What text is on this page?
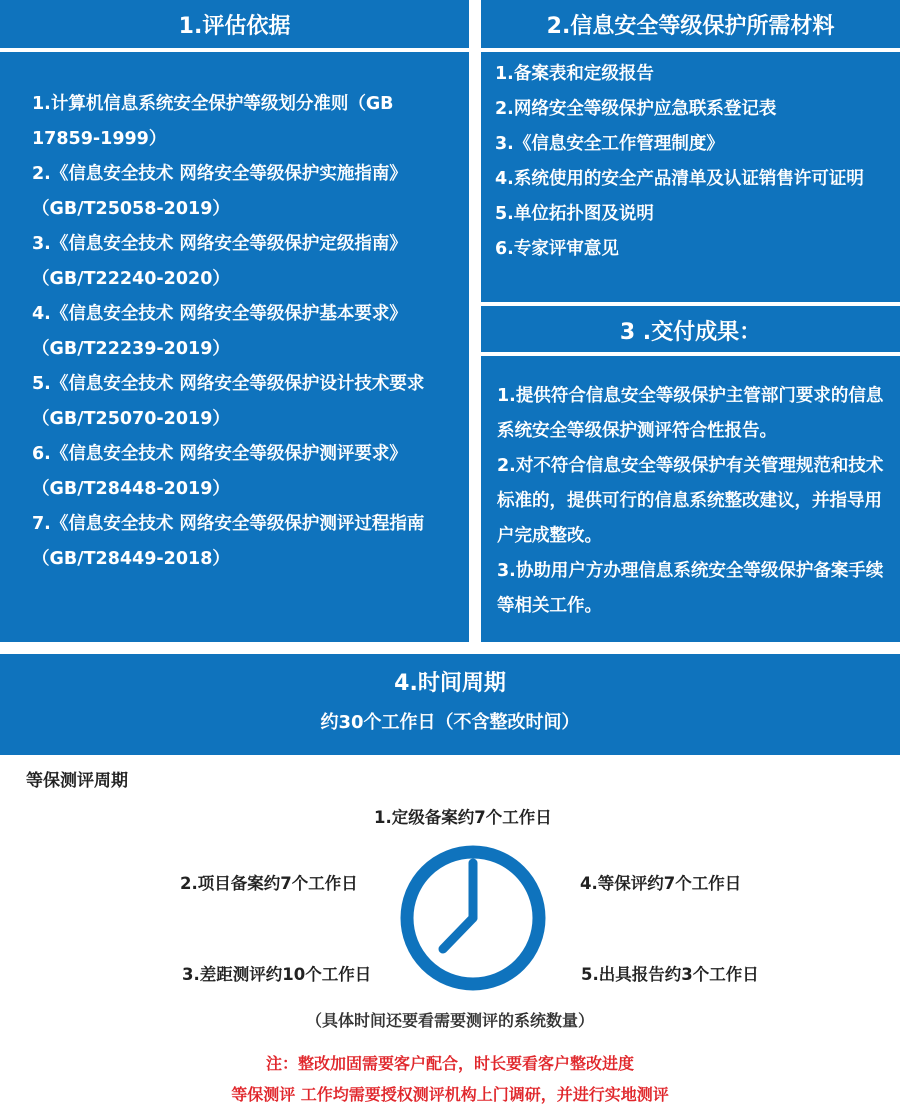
1.评估依据
1.计算机信息系统安全保护等级划分准则（GB 17859-1999）
2.《信息安全技术 网络安全等级保护实施指南》（GB/T25058-2019）
3.《信息安全技术 网络安全等级保护定级指南》（GB/T22240-2020）
4.《信息安全技术 网络安全等级保护基本要求》（GB/T22239-2019）
5.《信息安全技术 网络安全等级保护设计技术要求（GB/T25070-2019）
6.《信息安全技术 网络安全等级保护测评要求》（GB/T28448-2019）
7.《信息安全技术 网络安全等级保护测评过程指南（GB/T28449-2018）
2.信息安全等级保护所需材料
1.备案表和定级报告
2.网络安全等级保护应急联系登记表
3.《信息安全工作管理制度》
4.系统使用的安全产品清单及认证销售许可证明
5.单位拓扑图及说明
6.专家评审意见
3 .交付成果：
1.提供符合信息安全等级保护主管部门要求的信息系统安全等级保护测评符合性报告。
2.对不符合信息安全等级保护有关管理规范和技术标准的，提供可行的信息系统整改建议，并指导用户完成整改。
3.协助用户方办理信息系统安全等级保护备案手续等相关工作。
4.时间周期
约30个工作日（不含整改时间）
等保测评周期
1.定级备案约7个工作日
2.项目备案约7个工作日
3.差距测评约10个工作日
4.等保评约7个工作日
5.出具报告约3个工作日
（具体时间还要看需要测评的系统数量）
注：整改加固需要客户配合，时长要看客户整改进度
等保测评 工作均需要授权测评机构上门调研，并进行实地测评
